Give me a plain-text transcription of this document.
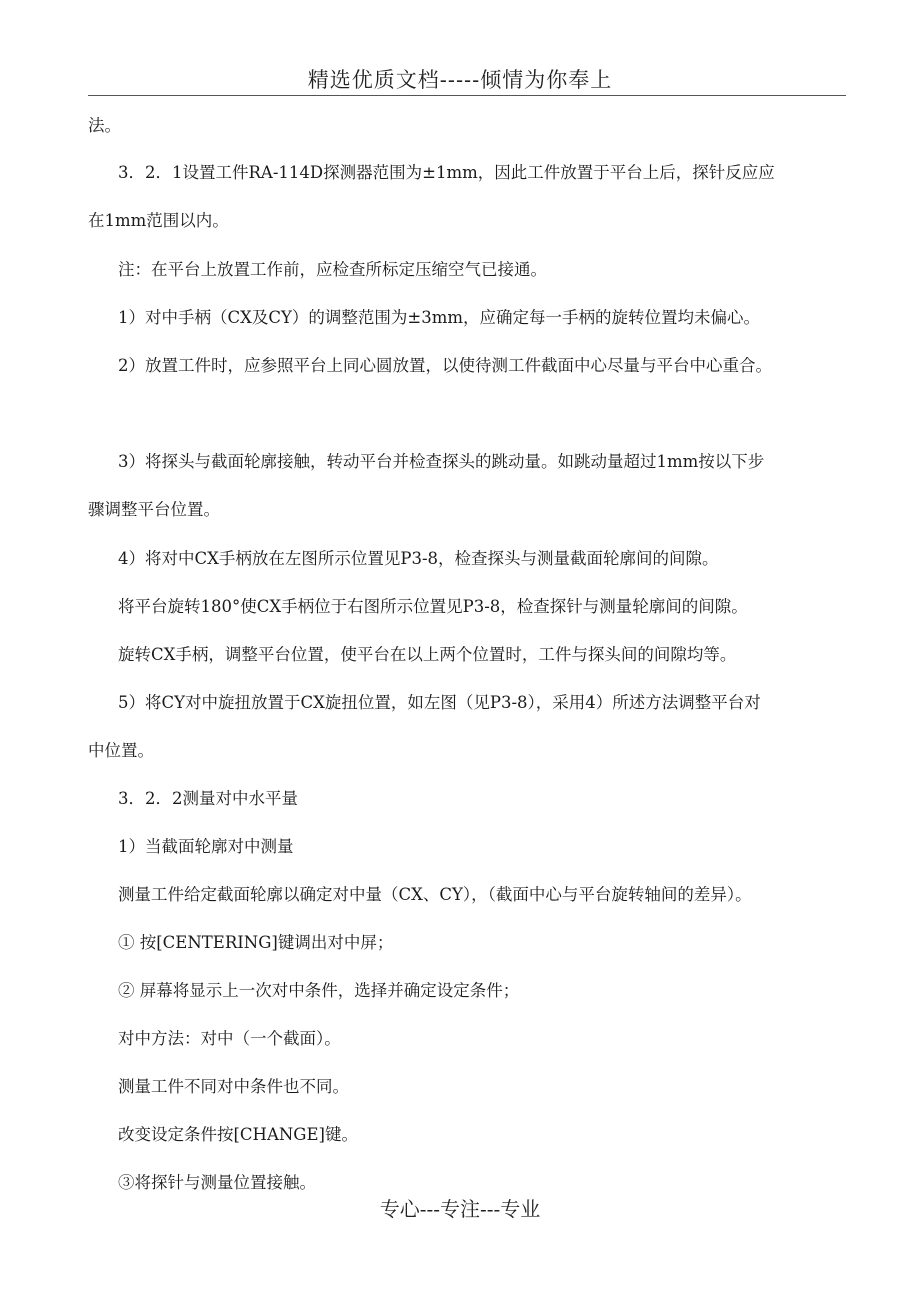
精选优质文档-----倾情为你奉上
法。
3．2．1设置工件RA-114D探测器范围为±1mm，因此工件放置于平台上后，探针反应应
在1mm范围以内。
注：在平台上放置工作前，应检查所标定压缩空气已接通。
1）对中手柄（CX及CY）的调整范围为±3mm，应确定每一手柄的旋转位置均未偏心。
2）放置工件时，应参照平台上同心圆放置，以使待测工件截面中心尽量与平台中心重合。
3）将探头与截面轮廓接触，转动平台并检查探头的跳动量。如跳动量超过1mm按以下步
骤调整平台位置。
4）将对中CX手柄放在左图所示位置见P3-8，检查探头与测量截面轮廓间的间隙。
将平台旋转180°使CX手柄位于右图所示位置见P3-8，检查探针与测量轮廓间的间隙。
旋转CX手柄，调整平台位置，使平台在以上两个位置时，工件与探头间的间隙均等。
5）将CY对中旋扭放置于CX旋扭位置，如左图（见P3-8），采用4）所述方法调整平台对
中位置。
3．2．2测量对中水平量
1）当截面轮廓对中测量
测量工件给定截面轮廓以确定对中量（CX、CY），（截面中心与平台旋转轴间的差异）。
① 按[CENTERING]键调出对中屏；
② 屏幕将显示上一次对中条件，选择并确定设定条件；
对中方法：对中（一个截面）。
测量工件不同对中条件也不同。
改变设定条件按[CHANGE]键。
③将探针与测量位置接触。
专心---专注---专业
